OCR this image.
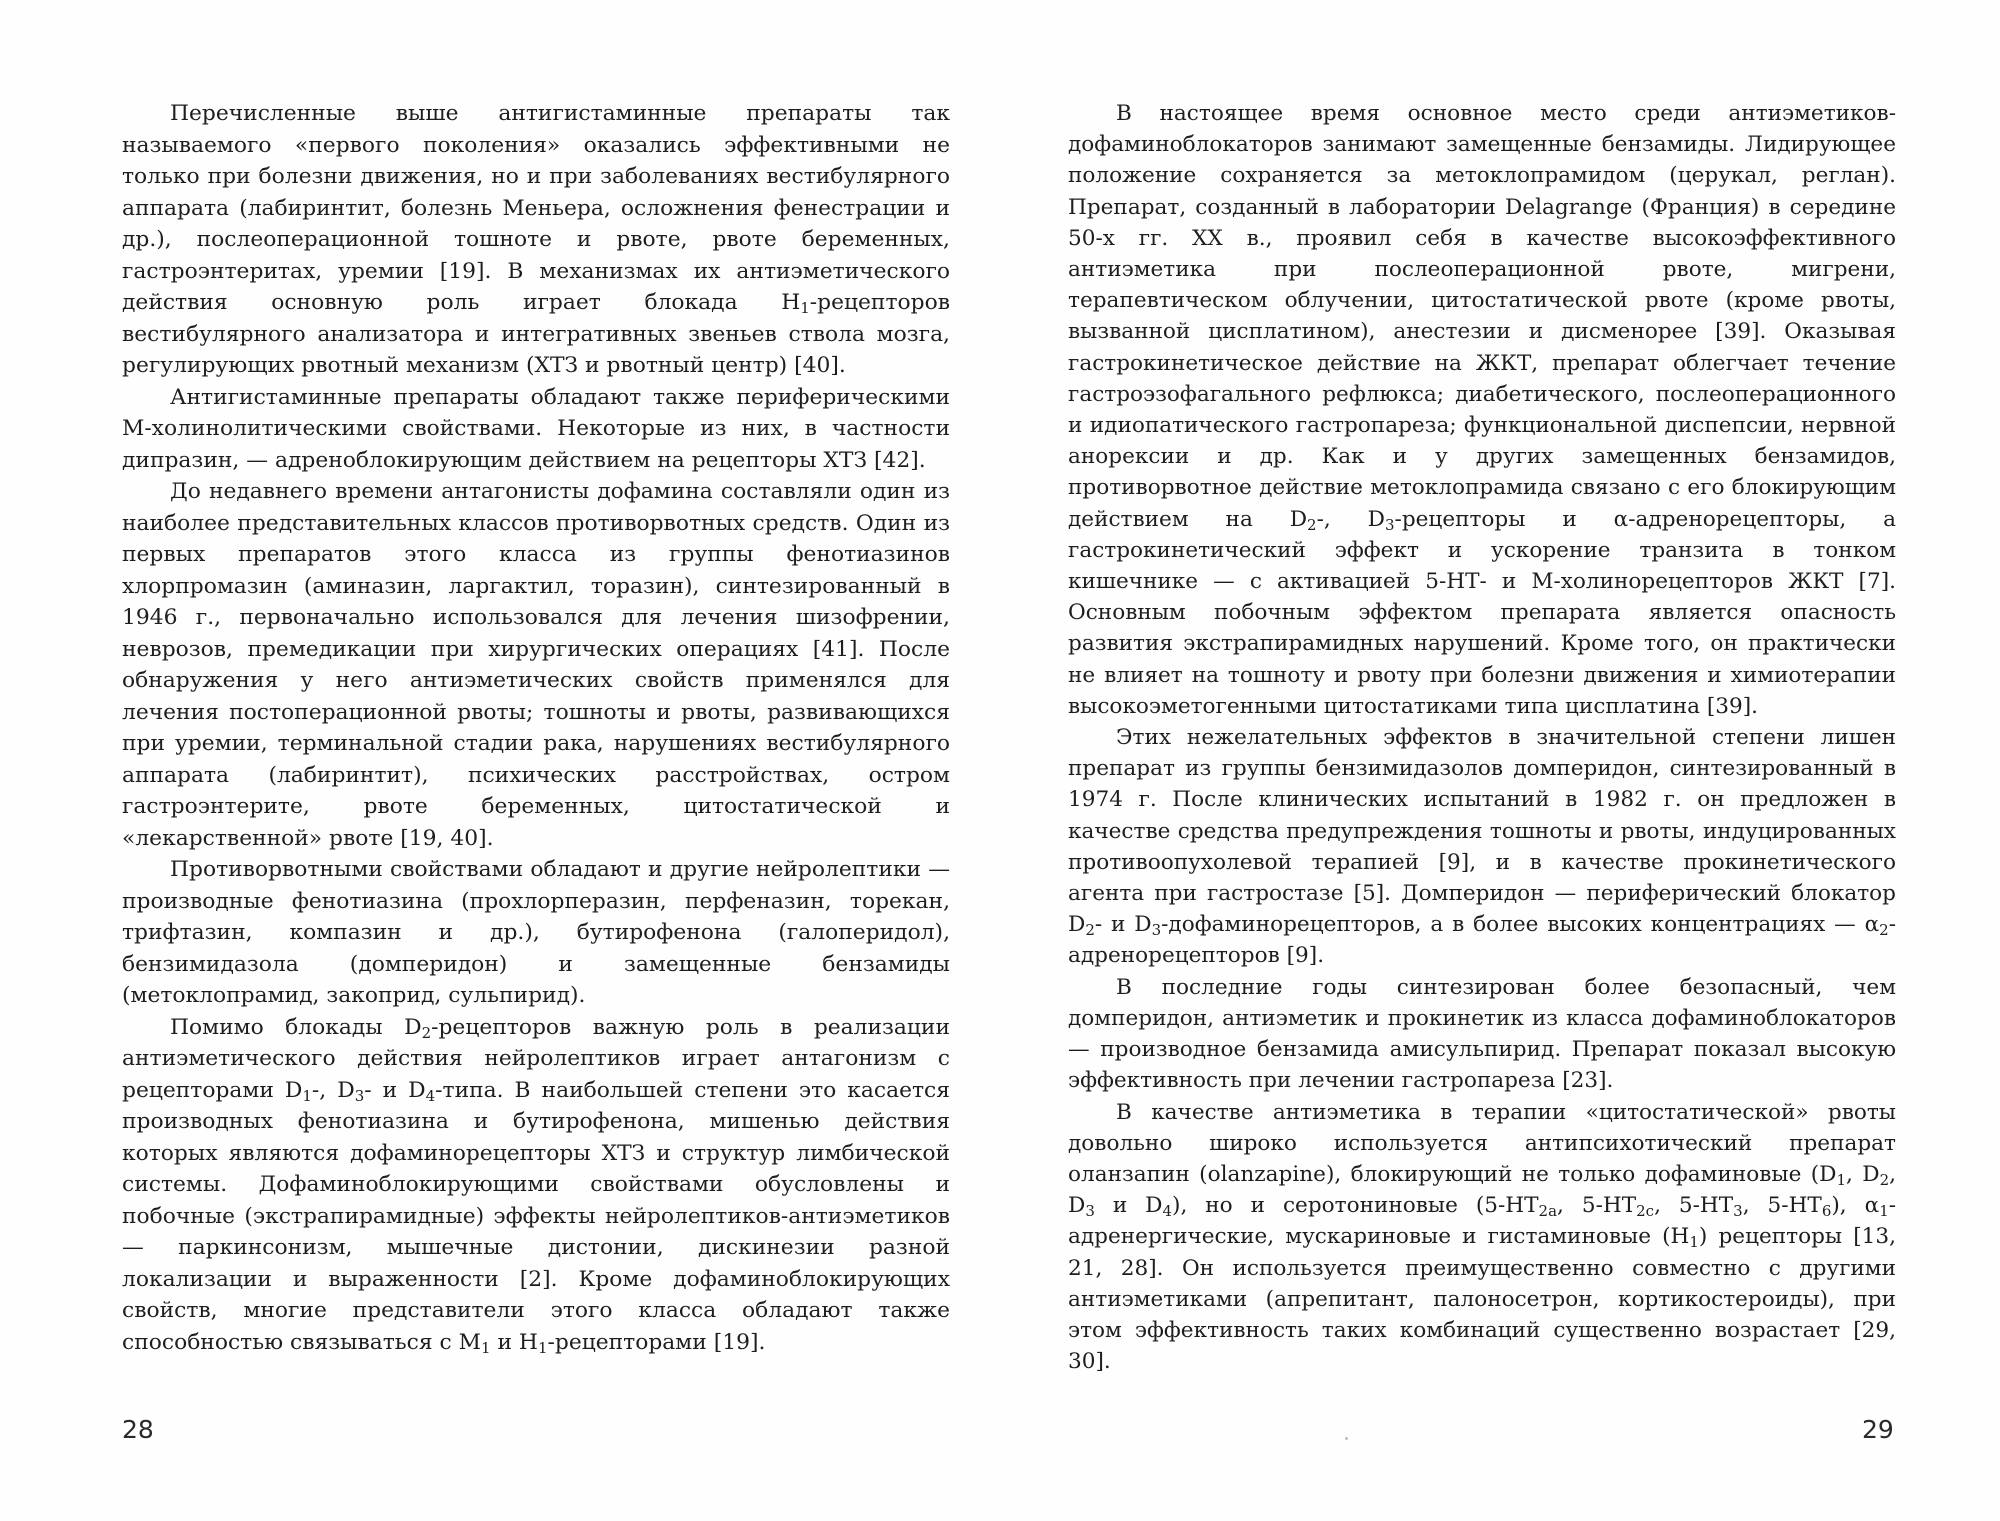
Перечисленные выше антигистаминные препараты так называемого «первого поколения» оказались эффективными не только при болезни движения, но и при заболеваниях вестибулярного аппарата (лабиринтит, болезнь Меньера, осложнения фенестрации и др.), послеоперационной тошноте и рвоте, рвоте беременных, гастроэнтеритах, уремии [19]. В механизмах их антиэметического действия основную роль играет блокада $H_1$-рецепторов вестибулярного анализатора и интегративных звеньев ствола мозга, регулирующих рвотный механизм (ХТЗ и рвотный центр) [40].

Антигистаминные препараты обладают также периферическими М-холинолитическими свойствами. Некоторые из них, в частности дипразин, — адреноблокирующим действием на рецепторы ХТЗ [42].

До недавнего времени антагонисты дофамина составляли один из наиболее представительных классов противорвотных средств. Один из первых препаратов этого класса из группы фенотиазинов хлорпромазин (аминазин, ларгактил, торазин), синтезированный в 1946 г., первоначально использовался для лечения шизофрении, неврозов, премедикации при хирургических операциях [41]. После обнаружения у него антиэметических свойств применялся для лечения постоперационной рвоты; тошноты и рвоты, развивающихся при уремии, терминальной стадии рака, нарушениях вестибулярного аппарата (лабиринтит), психических расстройствах, остром гастроэнтерите, рвоте беременных, цитостатической и «лекарственной» рвоте [19, 40].

Противорвотными свойствами обладают и другие нейролептики — производные фенотиазина (прохлорперазин, перфеназин, торекан, трифтазин, компазин и др.), бутирофенона (галоперидол), бензимидазола (домперидон) и замещенные бензамиды (метоклопрамид, закоприд, сульпирид).

Помимо блокады $D_2$-рецепторов важную роль в реализации антиэметического действия нейролептиков играет антагонизм с рецепторами $D_1-$, $D_3-$ и $D_4$-типа. В наибольшей степени это касается производных фенотиазина и бутирофенона, мишенью действия которых являются дофаминорецепторы ХТЗ и структур лимбической системы. Дофаминоблокирующими свойствами обусловлены и побочные (экстрапирамидные) эффекты нейролептиков-антиэметиков — паркинсонизм, мышечные дистонии, дискинезии разной локализации и выраженности [2]. Кроме дофаминоблокирующих свойств, многие представители этого класса обладают также способностью связываться с $M_1$ и $H_1$-рецепторами [19].

В настоящее время основное место среди антиэметиков-дофаминоблокаторов занимают замещенные бензамиды. Лидирующее положение сохраняется за метоклопрамидом (церукал, реглан). Препарат, созданный в лаборатории Delagrange (Франция) в середине 50-х гг. XX в., проявил себя в качестве высокоэффективного антиэметика при послеоперационной рвоте, мигрени, терапевтическом облучении, цитостатической рвоте (кроме рвоты, вызванной цисплатином), анестезии и дисменорее [39]. Оказывая гастрокинетическое действие на ЖКТ, препарат облегчает течение гастроэзофагального рефлюкса; диабетического, послеоперационного и идиопатического гастропареза; функциональной диспепсии, нервной анорексии и др. Как и у других замещенных бензамидов, противорвотное действие метоклопрамида связано с его блокирующим действием на $D_2-$, $D_3$-рецепторы и α-адренорецепторы, а гастрокинетический эффект и ускорение транзита в тонком кишечнике — с активацией 5-НТ- и М-холинорецепторов ЖКТ [7]. Основным побочным эффектом препарата является опасность развития экстрапирамидных нарушений. Кроме того, он практически не влияет на тошноту и рвоту при болезни движения и химиотерапии высокоэметогенными цитостатиками типа цисплатина [39].

Этих нежелательных эффектов в значительной степени лишен препарат из группы бензимидазолов домперидон, синтезированный в 1974 г. После клинических испытаний в 1982 г. он предложен в качестве средства предупреждения тошноты и рвоты, индуцированных противоопухолевой терапией [9], и в качестве прокинетического агента при гастростазе [5]. Домперидон — периферический блокатор $D_2-$ и $D_3$-дофаминорецепторов, а в более высоких концентрациях — $\alpha_2$-адренорецепторов [9].

В последние годы синтезирован более безопасный, чем домперидон, антиэметик и прокинетик из класса дофаминоблокаторов — производное бензамида амисульпирид. Препарат показал высокую эффективность при лечении гастропареза [23].

В качестве антиэметика в терапии «цитостатической» рвоты довольно широко используется антипсихотический препарат оланзапин (olanzapine), блокирующий не только дофаминовые ($D_1$, $D_2$, $D_3$ и $D_4$), но и серотониновые ($5-HT_{2a}$, $5-HT_{2c}$, $5-HT_3$, $5-HT_6$), $\alpha_1$-адренергические, мускариновые и гистаминовые $(H_1)$ рецепторы [13, 21, 28]. Он используется преимущественно совместно с другими антиэметиками (апрепитант, палоносетрон, кортикостероиды), при этом эффективность таких комбинаций существенно возрастает [29, 30].

28	29
